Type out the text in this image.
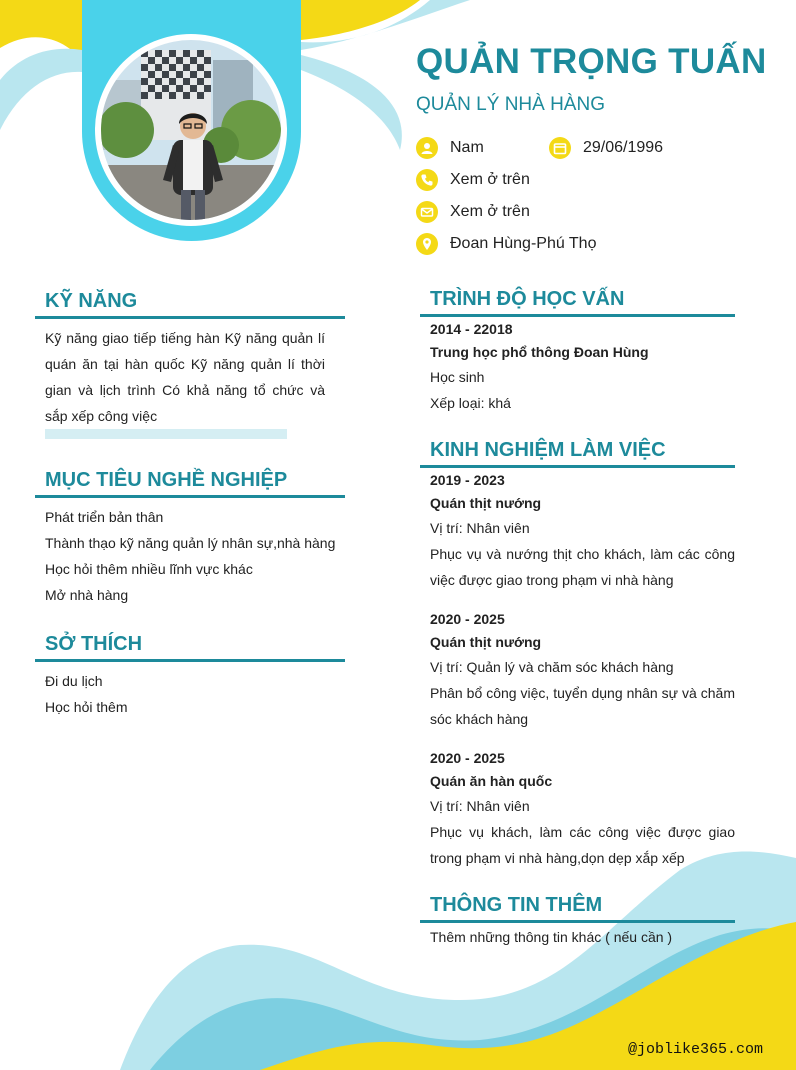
QUẢN TRỌNG TUẤN
QUẢN LÝ NHÀ HÀNG
Nam	29/06/1996
Xem ở trên
Xem ở trên
Đoan Hùng-Phú Thọ
KỸ NĂNG
Kỹ năng giao tiếp tiếng hàn Kỹ năng quản lí quán ăn tại hàn quốc Kỹ năng quản lí thời gian và lịch trình Có khả năng tổ chức và sắp xếp công việc
MỤC TIÊU NGHỀ NGHIỆP
Phát triển bản thân
Thành thạo kỹ năng quản lý nhân sự,nhà hàng
Học hỏi thêm nhiều lĩnh vực khác
Mở nhà hàng
SỞ THÍCH
Đi du lịch
Học hỏi thêm
TRÌNH ĐỘ HỌC VẤN
2014 - 22018
Trung học phổ thông Đoan Hùng
Học sinh
Xếp loại: khá
KINH NGHIỆM LÀM VIỆC
2019 - 2023
Quán thịt nướng
Vị trí: Nhân viên
Phục vụ và nướng thịt cho khách, làm các công việc được giao trong phạm vi nhà hàng
2020 - 2025
Quán thịt nướng
Vị trí: Quản lý và chăm sóc khách hàng
Phân bổ công việc, tuyển dụng nhân sự và chăm sóc khách hàng
2020 - 2025
Quán ăn hàn quốc
Vị trí: Nhân viên
Phục vụ khách, làm các công việc được giao trong phạm vi nhà hàng,dọn dẹp xắp xếp
THÔNG TIN THÊM
Thêm những thông tin khác ( nếu cần )
@joblike365.com
